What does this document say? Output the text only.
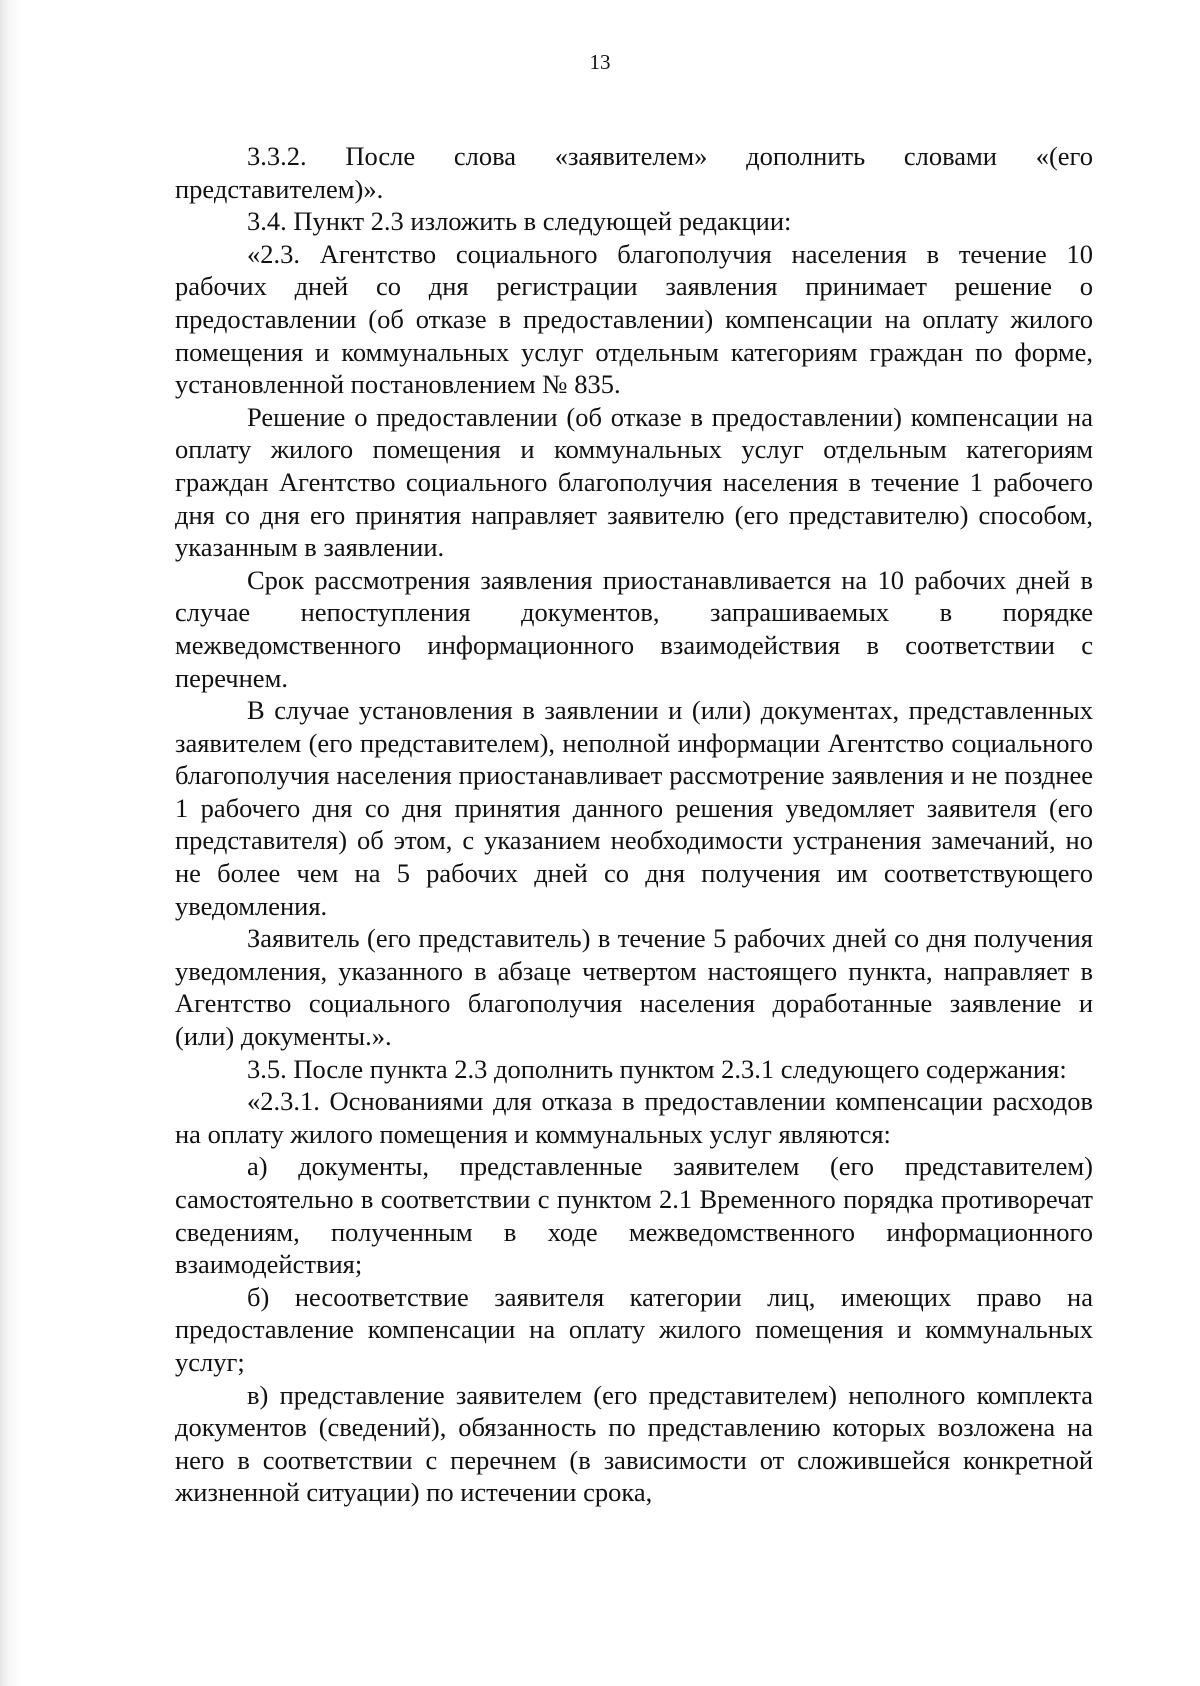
13

3.3.2. После слова «заявителем» дополнить словами «(его представителем)».

3.4. Пункт 2.3 изложить в следующей редакции:

«2.3. Агентство социального благополучия населения в течение 10 рабочих дней со дня регистрации заявления принимает решение о предоставлении (об отказе в предоставлении) компенсации на оплату жилого помещения и коммунальных услуг отдельным категориям граждан по форме, установленной постановлением № 835.

Решение о предоставлении (об отказе в предоставлении) компенсации на оплату жилого помещения и коммунальных услуг отдельным категориям граждан Агентство социального благополучия населения в течение 1 рабочего дня со дня его принятия направляет заявителю (его представителю) способом, указанным в заявлении.

Срок рассмотрения заявления приостанавливается на 10 рабочих дней в случае непоступления документов, запрашиваемых в порядке межведомственного информационного взаимодействия в соответствии с перечнем.

В случае установления в заявлении и (или) документах, представленных заявителем (его представителем), неполной информации Агентство социального благополучия населения приостанавливает рассмотрение заявления и не позднее 1 рабочего дня со дня принятия данного решения уведомляет заявителя (его представителя) об этом, с указанием необходимости устранения замечаний, но не более чем на 5 рабочих дней со дня получения им соответствующего уведомления.

Заявитель (его представитель) в течение 5 рабочих дней со дня получения уведомления, указанного в абзаце четвертом настоящего пункта, направляет в Агентство социального благополучия населения доработанные заявление и (или) документы.».

3.5. После пункта 2.3 дополнить пунктом 2.3.1 следующего содержания:

«2.3.1. Основаниями для отказа в предоставлении компенсации расходов на оплату жилого помещения и коммунальных услуг являются:

а) документы, представленные заявителем (его представителем) самостоятельно в соответствии с пунктом 2.1 Временного порядка противоречат сведениям, полученным в ходе межведомственного информационного взаимодействия;

б) несоответствие заявителя категории лиц, имеющих право на предоставление компенсации на оплату жилого помещения и коммунальных услуг;

в) представление заявителем (его представителем) неполного комплекта документов (сведений), обязанность по представлению которых возложена на него в соответствии с перечнем (в зависимости от сложившейся конкретной жизненной ситуации) по истечении срока,
